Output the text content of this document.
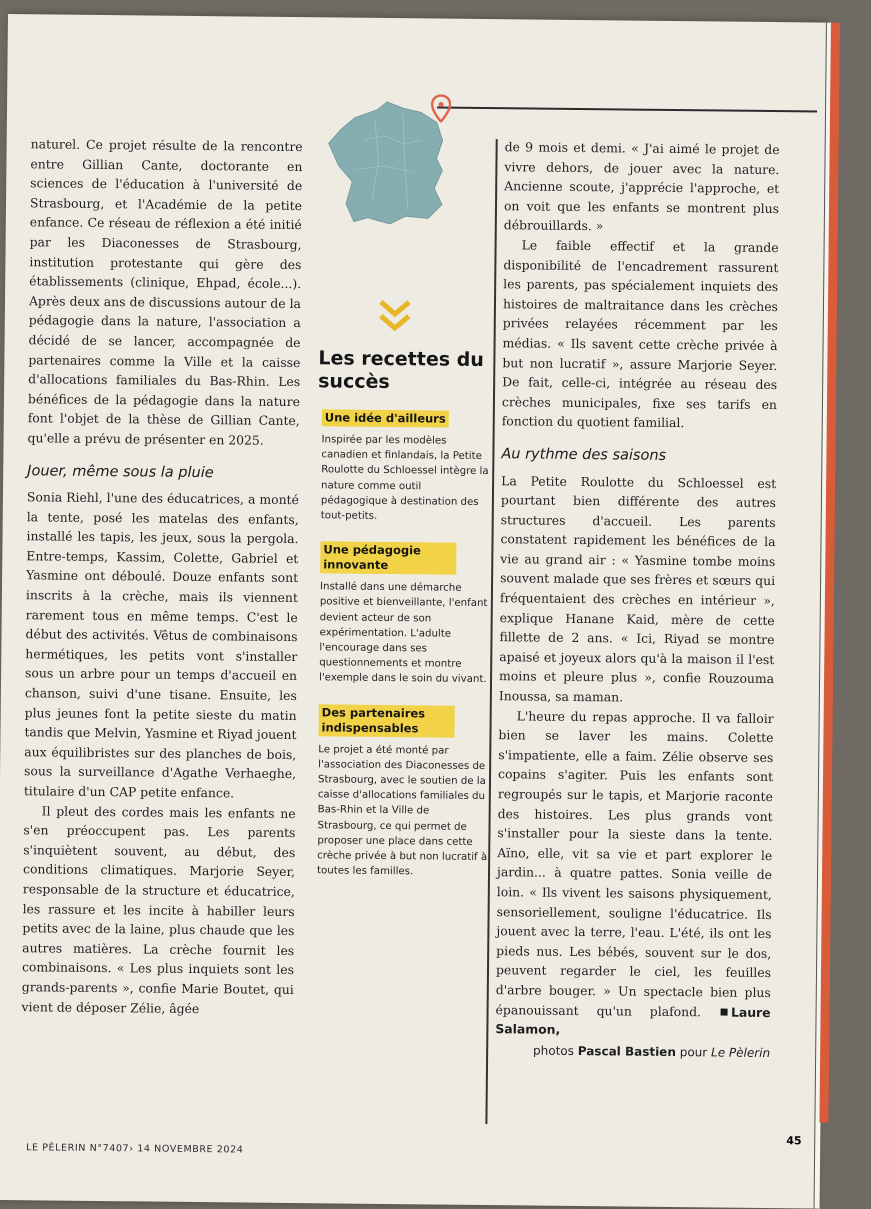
naturel. Ce projet résulte de la rencontre entre Gillian Cante, doctorante en sciences de l'éducation à l'université de Strasbourg, et l'Académie de la petite enfance. Ce réseau de réflexion a été initié par les Diaconesses de Strasbourg, institution protestante qui gère des établissements (clinique, Ehpad, école...). Après deux ans de discussions autour de la pédagogie dans la nature, l'association a décidé de se lancer, accompagnée de partenaires comme la Ville et la caisse d'allocations familiales du Bas-Rhin. Les bénéfices de la pédagogie dans la nature font l'objet de la thèse de Gillian Cante, qu'elle a prévu de présenter en 2025.

Jouer, même sous la pluie

Sonia Riehl, l'une des éducatrices, a monté la tente, posé les matelas des enfants, installé les tapis, les jeux, sous la pergola. Entre-temps, Kassim, Colette, Gabriel et Yasmine ont déboulé. Douze enfants sont inscrits à la crèche, mais ils viennent rarement tous en même temps. C'est le début des activités. Vêtus de combinaisons hermétiques, les petits vont s'installer sous un arbre pour un temps d'accueil en chanson, suivi d'une tisane. Ensuite, les plus jeunes font la petite sieste du matin tandis que Melvin, Yasmine et Riyad jouent aux équilibristes sur des planches de bois, sous la surveillance d'Agathe Verhaeghe, titulaire d'un CAP petite enfance.

Il pleut des cordes mais les enfants ne s'en préoccupent pas. Les parents s'inquiètent souvent, au début, des conditions climatiques. Marjorie Seyer, responsable de la structure et éducatrice, les rassure et les incite à habiller leurs petits avec de la laine, plus chaude que les autres matières. La crèche fournit les combinaisons. « Les plus inquiets sont les grands-parents », confie Marie Boutet, qui vient de déposer Zélie, âgée

Les recettes du succès
Une idée d'ailleurs
Inspirée par les modèles canadien et finlandais, la Petite Roulotte du Schloessel intègre la nature comme outil pédagogique à destination des tout-petits.
Une pédagogie innovante
Installé dans une démarche positive et bienveillante, l'enfant devient acteur de son expérimentation. L'adulte l'encourage dans ses questionnements et montre l'exemple dans le soin du vivant.
Des partenaires indispensables
Le projet a été monté par l'association des Diaconesses de Strasbourg, avec le soutien de la caisse d'allocations familiales du Bas-Rhin et la Ville de Strasbourg, ce qui permet de proposer une place dans cette crèche privée à but non lucratif à toutes les familles.

de 9 mois et demi. « J'ai aimé le projet de vivre dehors, de jouer avec la nature. Ancienne scoute, j'apprécie l'approche, et on voit que les enfants se montrent plus débrouillards. »

Le faible effectif et la grande disponibilité de l'encadrement rassurent les parents, pas spécialement inquiets des histoires de maltraitance dans les crèches privées relayées récemment par les médias. « Ils savent cette crèche privée à but non lucratif », assure Marjorie Seyer. De fait, celle-ci, intégrée au réseau des crèches municipales, fixe ses tarifs en fonction du quotient familial.

Au rythme des saisons

La Petite Roulotte du Schloessel est pourtant bien différente des autres structures d'accueil. Les parents constatent rapidement les bénéfices de la vie au grand air : « Yasmine tombe moins souvent malade que ses frères et sœurs qui fréquentaient des crèches en intérieur », explique Hanane Kaid, mère de cette fillette de 2 ans. « Ici, Riyad se montre apaisé et joyeux alors qu'à la maison il l'est moins et pleure plus », confie Rouzouma Inoussa, sa maman.

L'heure du repas approche. Il va falloir bien se laver les mains. Colette s'impatiente, elle a faim. Zélie observe ses copains s'agiter. Puis les enfants sont regroupés sur le tapis, et Marjorie raconte des histoires. Les plus grands vont s'installer pour la sieste dans la tente. Aïno, elle, vit sa vie et part explorer le jardin... à quatre pattes. Sonia veille de loin. « Ils vivent les saisons physiquement, sensoriellement, souligne l'éducatrice. Ils jouent avec la terre, l'eau. L'été, ils ont les pieds nus. Les bébés, souvent sur le dos, peuvent regarder le ciel, les feuilles d'arbre bouger. » Un spectacle bien plus épanouissant qu'un plafond. Laure Salamon,

photos Pascal Bastien pour Le Pèlerin
LE PÈLERIN N°7407› 14 NOVEMBRE 2024
45
